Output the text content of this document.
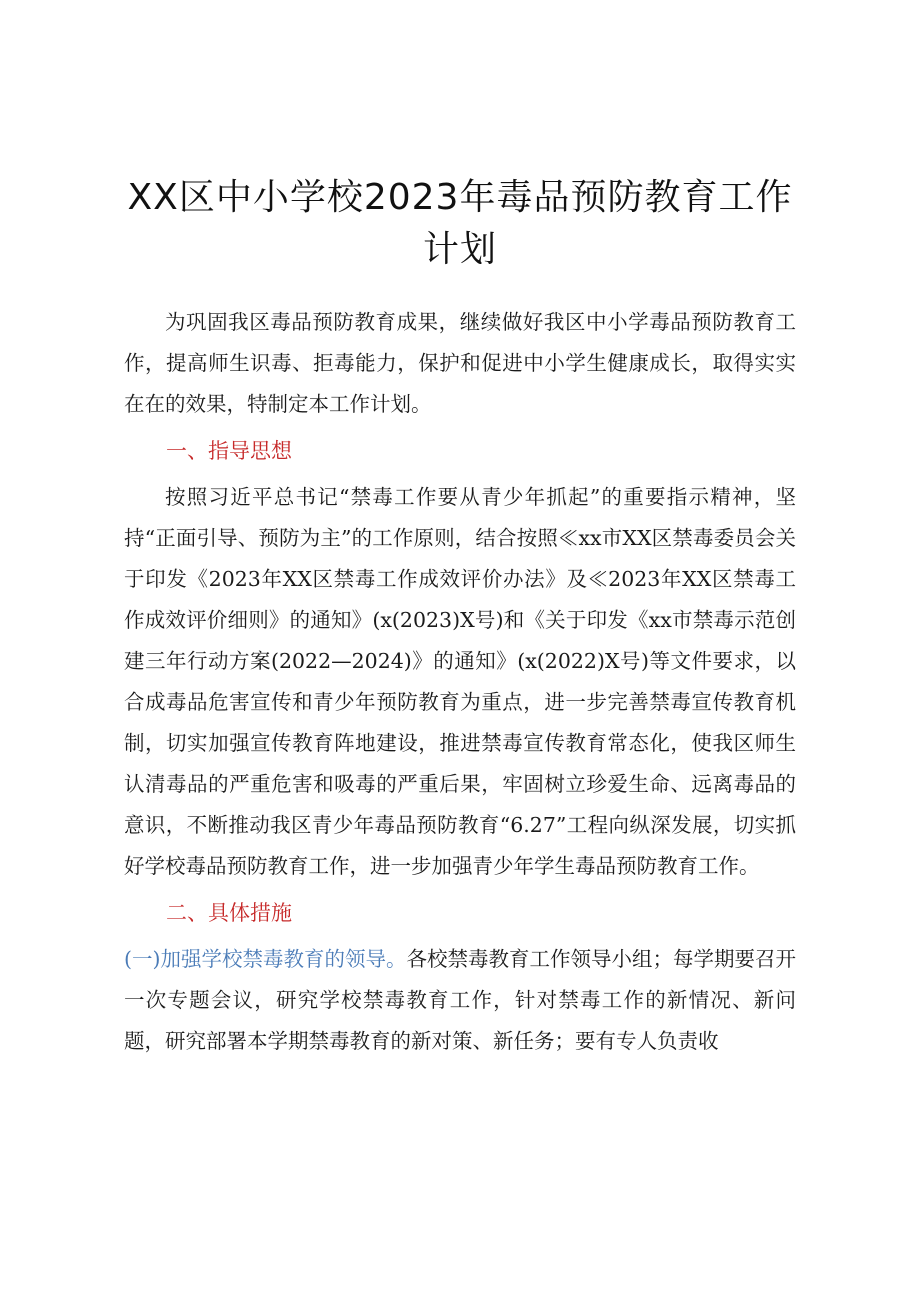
XX区中小学校2023年毒品预防教育工作计划

为巩固我区毒品预防教育成果，继续做好我区中小学毒品预防教育工作，提高师生识毒、拒毒能力，保护和促进中小学生健康成长，取得实实在在的效果，特制定本工作计划。

一、指导思想

按照习近平总书记“禁毒工作要从青少年抓起”的重要指示精神，坚持“正面引导、预防为主”的工作原则，结合按照≪xx市XX区禁毒委员会关于印发《2023年XX区禁毒工作成效评价办法》及≪2023年XX区禁毒工作成效评价细则》的通知》(x(2023)X号)和《关于印发《xx市禁毒示范创建三年行动方案(2022—2024)》的通知》(x(2022)X号)等文件要求，以合成毒品危害宣传和青少年预防教育为重点，进一步完善禁毒宣传教育机制，切实加强宣传教育阵地建设，推进禁毒宣传教育常态化，使我区师生认清毒品的严重危害和吸毒的严重后果，牢固树立珍爱生命、远离毒品的意识，不断推动我区青少年毒品预防教育“6.27”工程向纵深发展，切实抓好学校毒品预防教育工作，进一步加强青少年学生毒品预防教育工作。

二、具体措施

(一)加强学校禁毒教育的领导。各校禁毒教育工作领导小组；每学期要召开一次专题会议，研究学校禁毒教育工作，针对禁毒工作的新情况、新问题，研究部署本学期禁毒教育的新对策、新任务；要有专人负责收
